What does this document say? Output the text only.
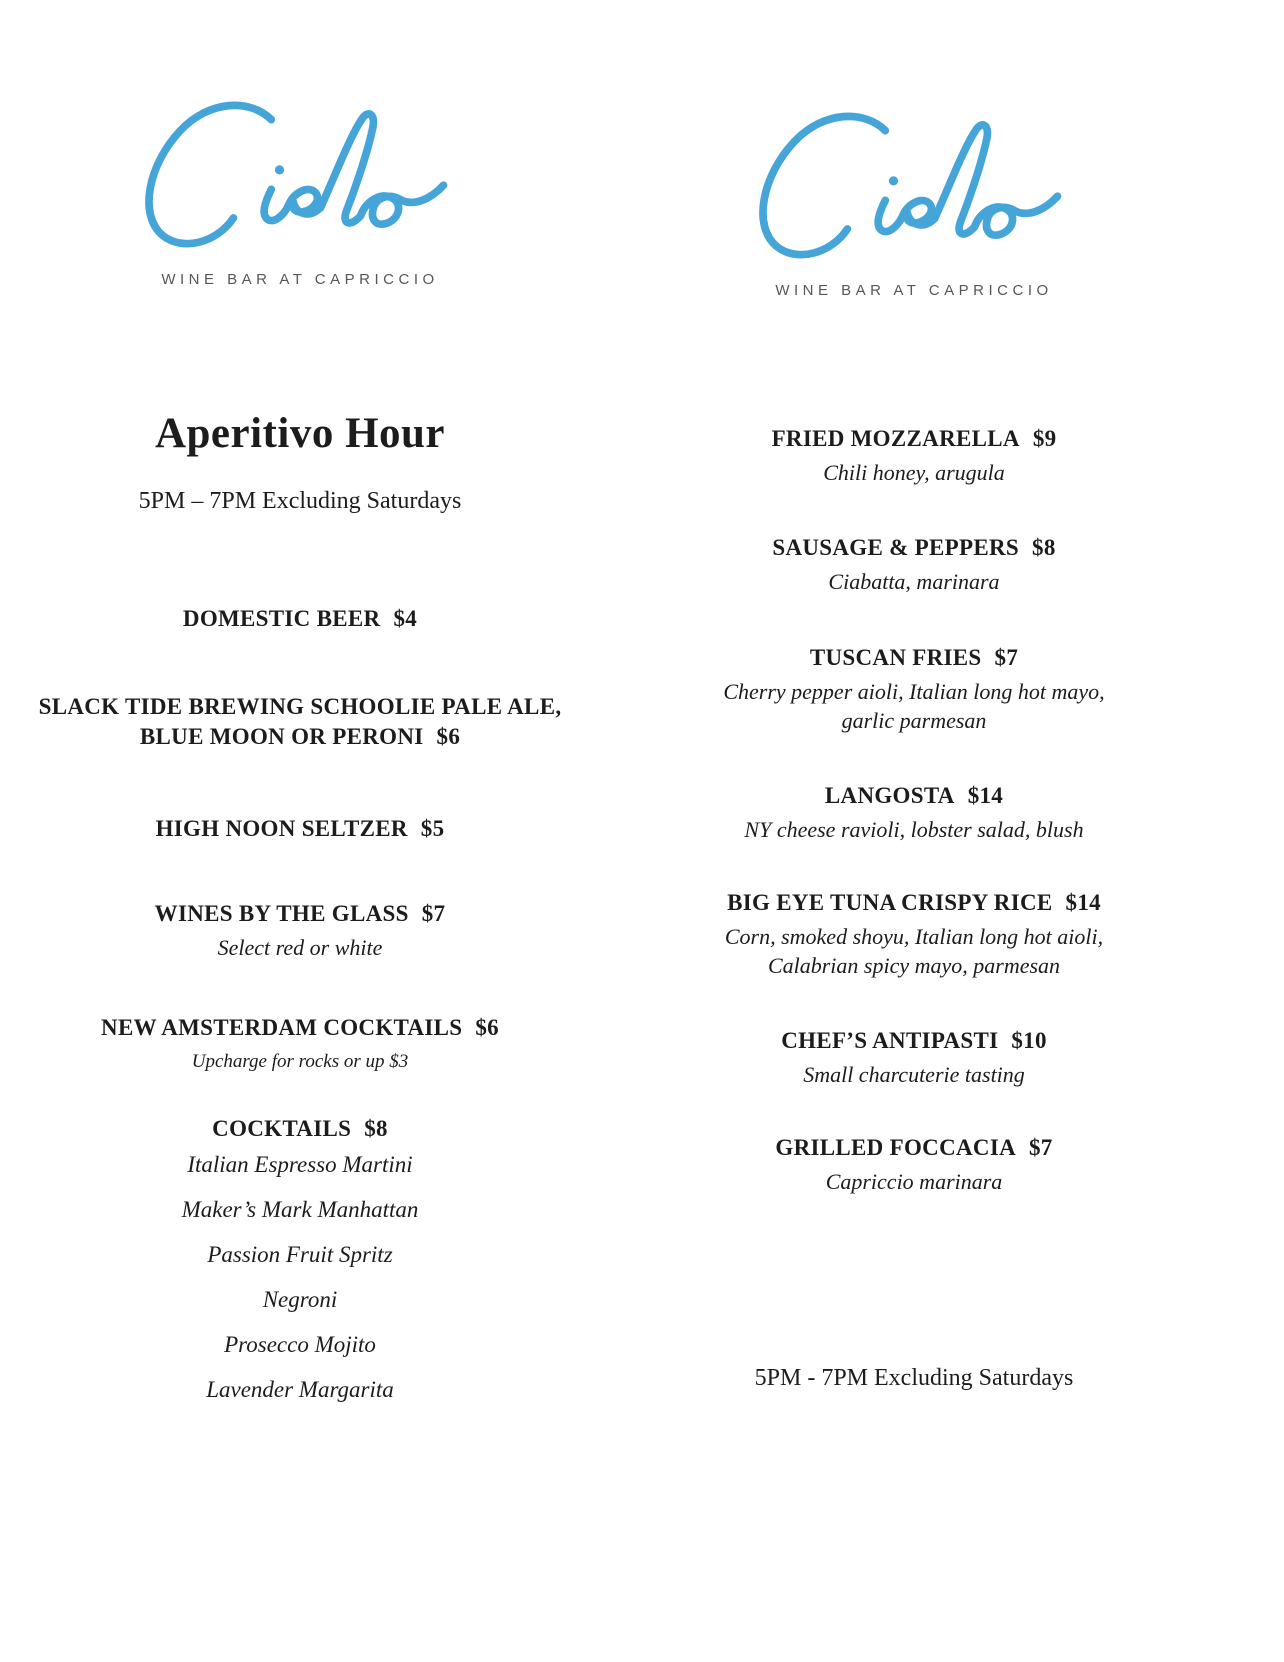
WINE BAR AT CAPRICCIO
Aperitivo Hour
5PM – 7PM Excluding Saturdays
DOMESTIC BEER $4
SLACK TIDE BREWING SCHOOLIE PALE ALE,
BLUE MOON OR PERONI $6
HIGH NOON SELTZER $5
WINES BY THE GLASS $7
Select red or white
NEW AMSTERDAM COCKTAILS $6
Upcharge for rocks or up $3
COCKTAILS $8
Italian Espresso Martini
Maker’s Mark Manhattan
Passion Fruit Spritz
Negroni
Prosecco Mojito
Lavender Margarita
WINE BAR AT CAPRICCIO
FRIED MOZZARELLA $9
Chili honey, arugula
SAUSAGE & PEPPERS $8
Ciabatta, marinara
TUSCAN FRIES $7
Cherry pepper aioli, Italian long hot mayo,
garlic parmesan
LANGOSTA $14
NY cheese ravioli, lobster salad, blush
BIG EYE TUNA CRISPY RICE $14
Corn, smoked shoyu, Italian long hot aioli,
Calabrian spicy mayo, parmesan
CHEF’S ANTIPASTI $10
Small charcuterie tasting
GRILLED FOCCACIA $7
Capriccio marinara
5PM - 7PM Excluding Saturdays
